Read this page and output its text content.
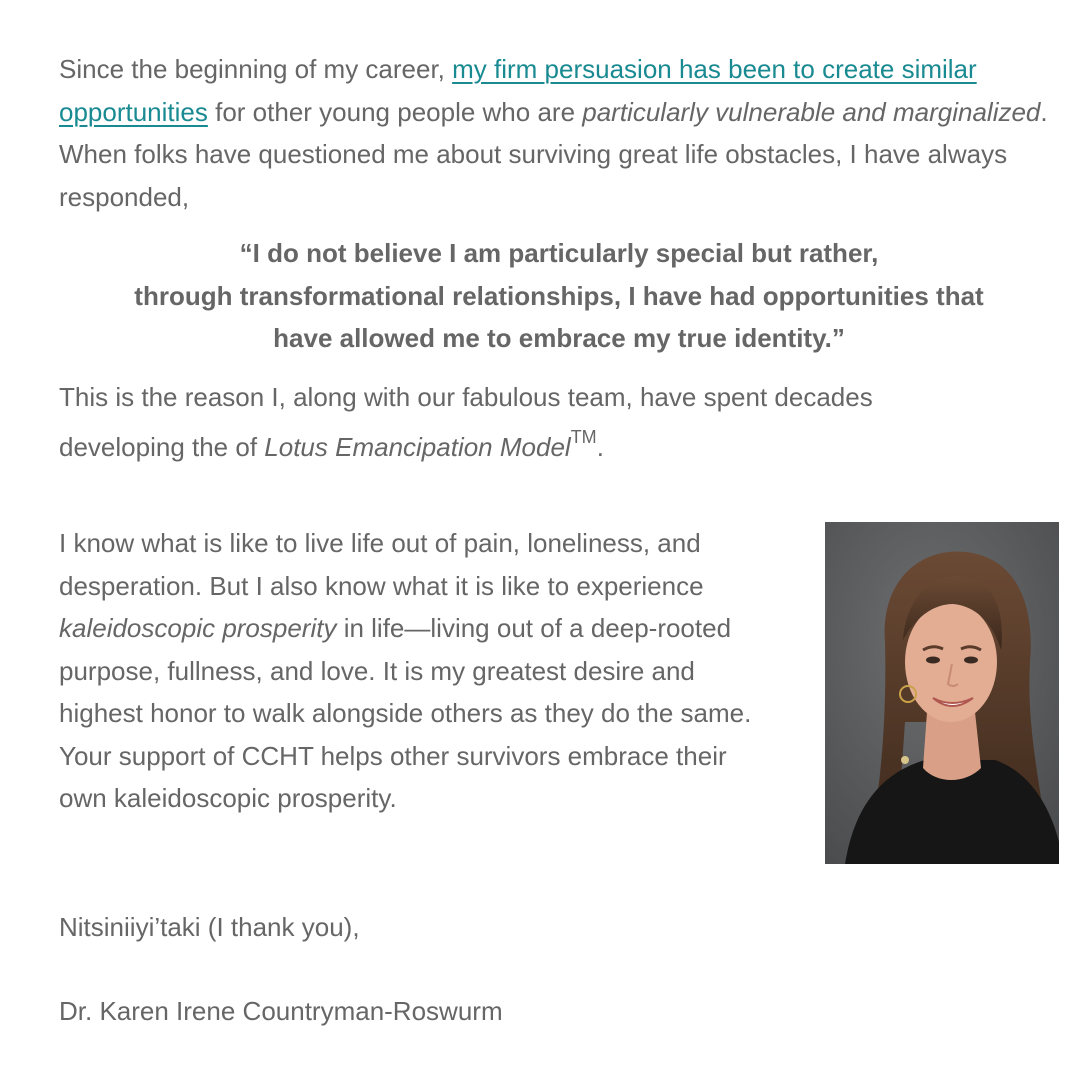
Since the beginning of my career, my firm persuasion has been to create similar opportunities for other young people who are particularly vulnerable and marginalized. When folks have questioned me about surviving great life obstacles, I have always responded,

“I do not believe I am particularly special but rather,
through transformational relationships, I have had opportunities that
have allowed me to embrace my true identity.”

This is the reason I, along with our fabulous team, have spent decades
developing the of Lotus Emancipation Model™.

I know what is like to live life out of pain, loneliness, and desperation. But I also know what it is like to experience kaleidoscopic prosperity in life—living out of a deep-rooted purpose, fullness, and love. It is my greatest desire and highest honor to walk alongside others as they do the same. Your support of CCHT helps other survivors embrace their own kaleidoscopic prosperity.

Nitsiniiyi’taki (I thank you),

Dr. Karen Irene Countryman-Roswurm
